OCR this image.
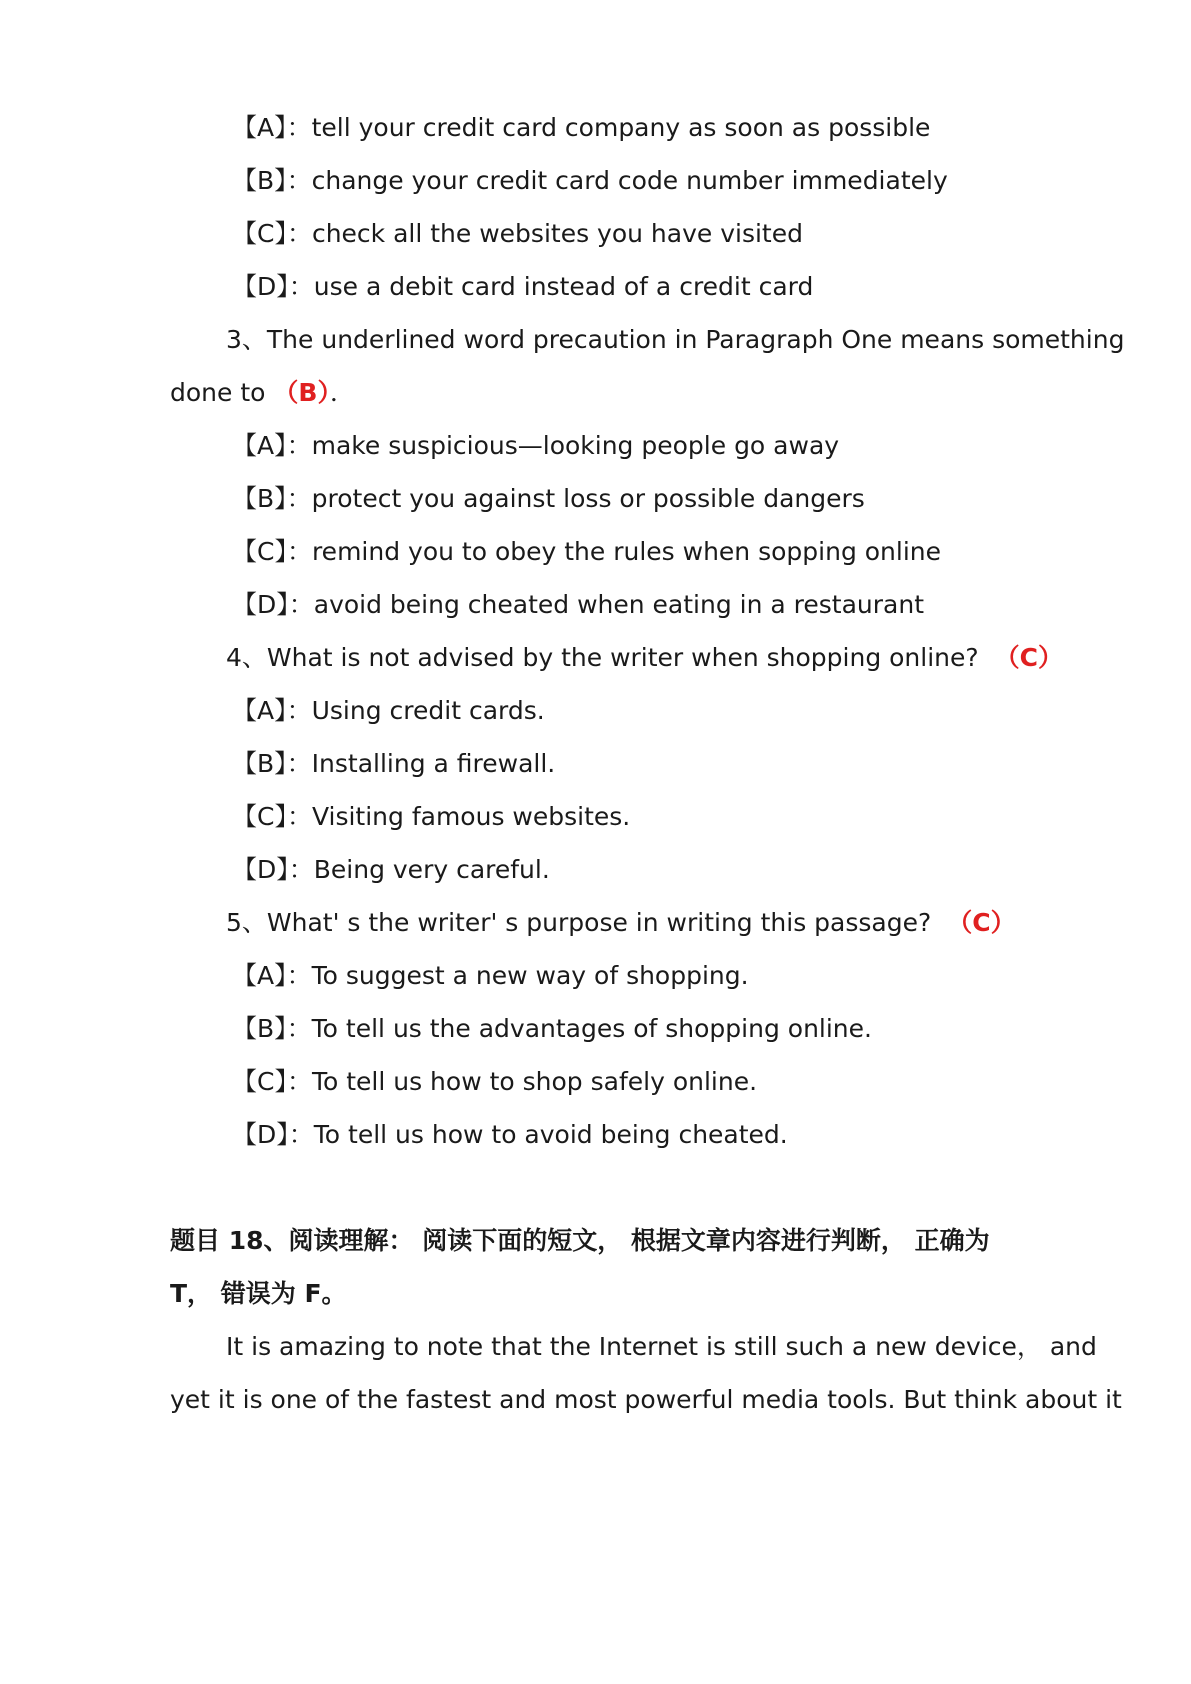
【A】：tell your credit card company as soon as possible
【B】：change your credit card code number immediately
【C】：check all the websites you have visited
【D】：use a debit card instead of a credit card
3、The underlined word precaution in Paragraph One means something
done to （B）．
【A】：make suspicious—looking people go away
【B】：protect you against loss or possible dangers
【C】：remind you to obey the rules when sopping online
【D】：avoid being cheated when eating in a restaurant
4、What is not advised by the writer when shopping online? （C）
【A】：Using credit cards.
【B】：Installing a firewall.
【C】：Visiting famous websites.
【D】：Being very careful.
5、What' s the writer' s purpose in writing this passage? （C）
【A】：To suggest a new way of shopping.
【B】：To tell us the advantages of shopping online.
【C】：To tell us how to shop safely online.
【D】：To tell us how to avoid being cheated.
题目 18、阅读理解： 阅读下面的短文， 根据文章内容进行判断， 正确为
T， 错误为 F。
It is amazing to note that the Internet is still such a new device， and
yet it is one of the fastest and most powerful media tools. But think about it
